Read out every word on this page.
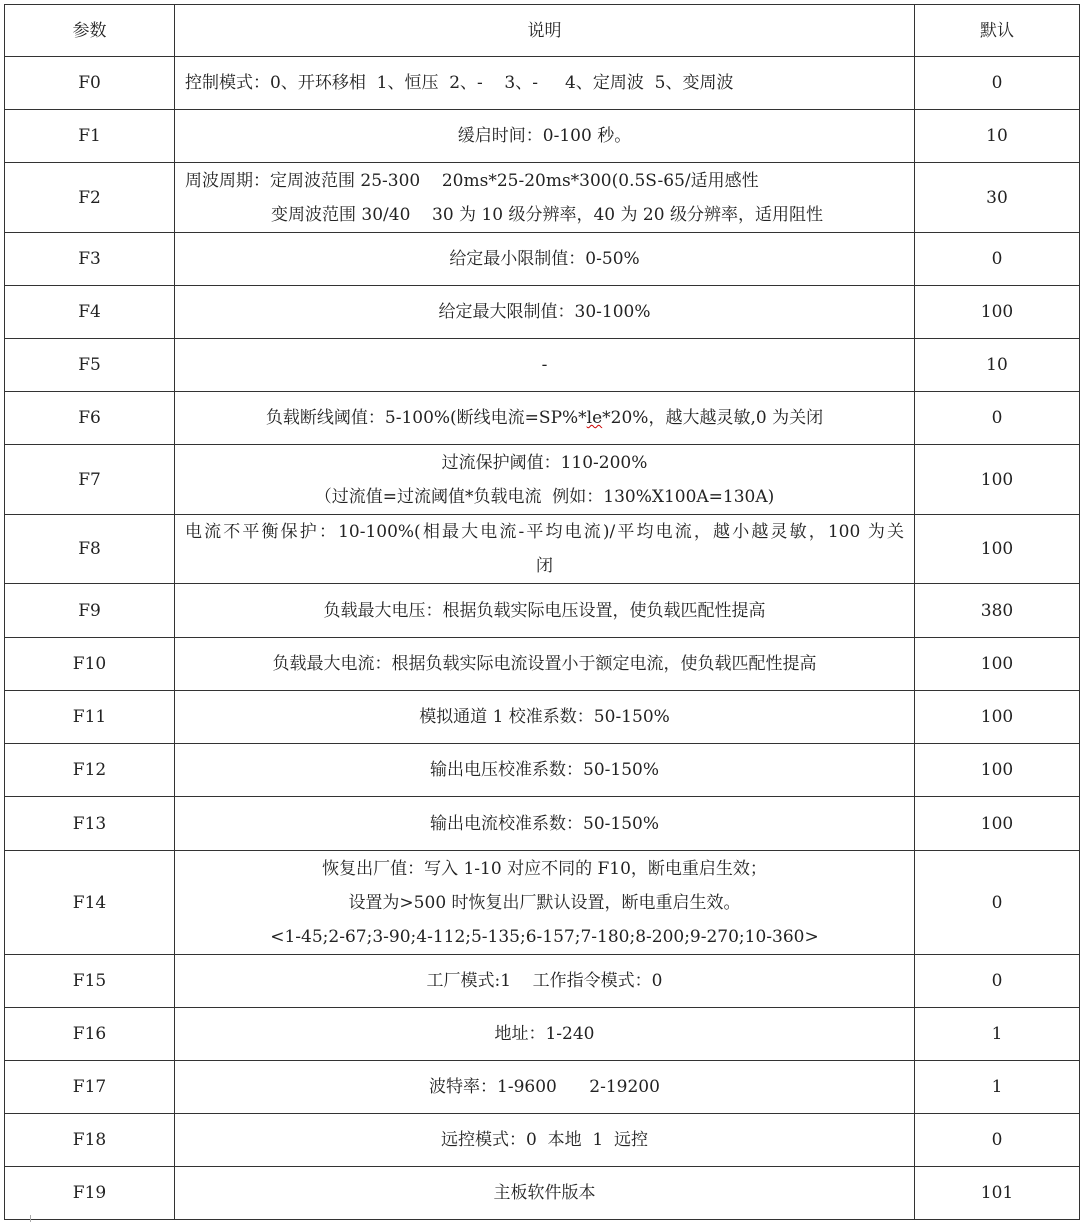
参数	说明	默认
F0	控制模式：0、开环移相  1、恒压  2、-    3、-     4、定周波  5、变周波	0
F1	缓启时间：0-100 秒。	10
F2	周波周期：定周波范围 25-300    20ms*25-20ms*300(0.5S-65/适用感性
变周波范围 30/40    30 为 10 级分辨率，40 为 20 级分辨率，适用阻性	30
F3	给定最小限制值：0-50%	0
F4	给定最大限制值：30-100%	100
F5	-	10
F6	负载断线阈值：5-100%(断线电流=SP%*le*20%，越大越灵敏,0 为关闭	0
F7	过流保护阈值：110-200%
（过流值=过流阈值*负载电流  例如：130%X100A=130A)	100
F8	电流不平衡保护：10-100%(相最大电流-平均电流)/平均电流，越小越灵敏，100 为关
闭	100
F9	负载最大电压：根据负载实际电压设置，使负载匹配性提高	380
F10	负载最大电流：根据负载实际电流设置小于额定电流，使负载匹配性提高	100
F11	模拟通道 1 校准系数：50-150%	100
F12	输出电压校准系数：50-150%	100
F13	输出电流校准系数：50-150%	100
F14	恢复出厂值：写入 1-10 对应不同的 F10，断电重启生效；
设置为>500 时恢复出厂默认设置，断电重启生效。
<1-45;2-67;3-90;4-112;5-135;6-157;7-180;8-200;9-270;10-360>	0
F15	工厂模式:1    工作指令模式：0	0
F16	地址：1-240	1
F17	波特率：1-9600      2-19200	1
F18	远控模式：0  本地  1  远控	0
F19	主板软件版本	101
